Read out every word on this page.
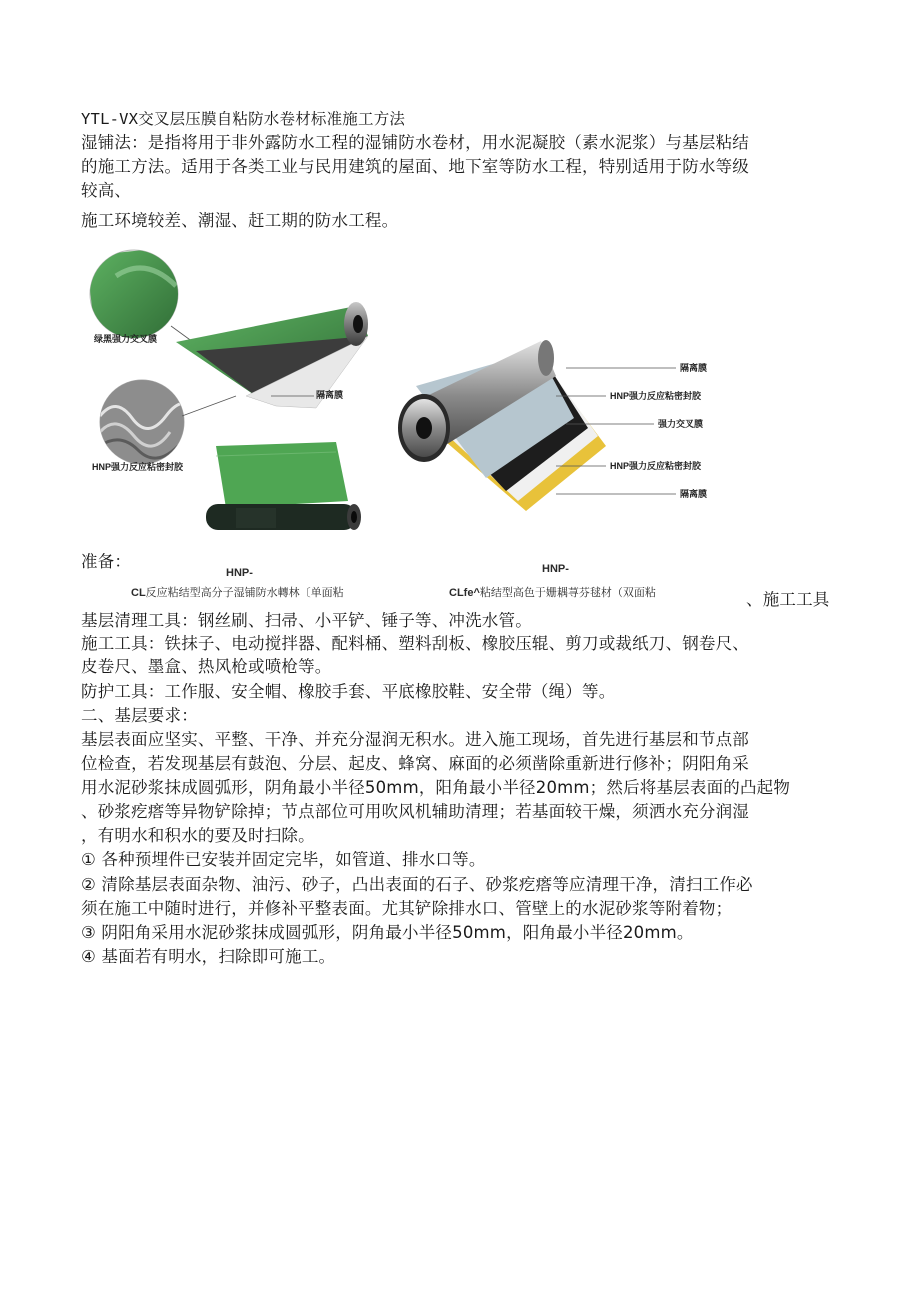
YTL-VX交叉层压膜自粘防水卷材标准施工方法
湿铺法：是指将用于非外露防水工程的湿铺防水卷材，用水泥凝胶（素水泥浆）与基层粘结
的施工方法。适用于各类工业与民用建筑的屋面、地下室等防水工程，特别适用于防水等级
较高、
施工环境较差、潮湿、赶工期的防水工程。
绿黑强力交叉膜
隔离膜
HNP强力反应粘密封胶
隔离膜
HNP强力反应粘密封胶
强力交叉膜
HNP强力反应粘密封胶
隔离膜
准备：
HNP-
CL反应粘结型高分子湿铺防水轉林〔单面粘
HNP-
CLfe^粘结型高色于姗耦荨芬毬材（双面粘	、施工工具
基层清理工具：钢丝刷、扫帚、小平铲、锤子等、冲洗水管。
施工工具：铁抹子、电动搅拌器、配料桶、塑料刮板、橡胶压辊、剪刀或裁纸刀、钢卷尺、
皮卷尺、墨盒、热风枪或喷枪等。
防护工具：工作服、安全帽、橡胶手套、平底橡胶鞋、安全带（绳）等。
二、基层要求：
基层表面应坚实、平整、干净、并充分湿润无积水。进入施工现场，首先进行基层和节点部
位检查，若发现基层有鼓泡、分层、起皮、蜂窝、麻面的必须凿除重新进行修补；阴阳角采
用水泥砂浆抹成圆弧形，阴角最小半径50mm，阳角最小半径20mm；然后将基层表面的凸起物
、砂浆疙瘩等异物铲除掉；节点部位可用吹风机辅助清理；若基面较干燥，须洒水充分润湿
，有明水和积水的要及时扫除。
① 各种预埋件已安装并固定完毕，如管道、排水口等。
② 清除基层表面杂物、油污、砂子，凸出表面的石子、砂浆疙瘩等应清理干净，清扫工作必
须在施工中随时进行，并修补平整表面。尤其铲除排水口、管壁上的水泥砂浆等附着物；
③ 阴阳角采用水泥砂浆抹成圆弧形，阴角最小半径50mm，阳角最小半径20mm。
④ 基面若有明水，扫除即可施工。
